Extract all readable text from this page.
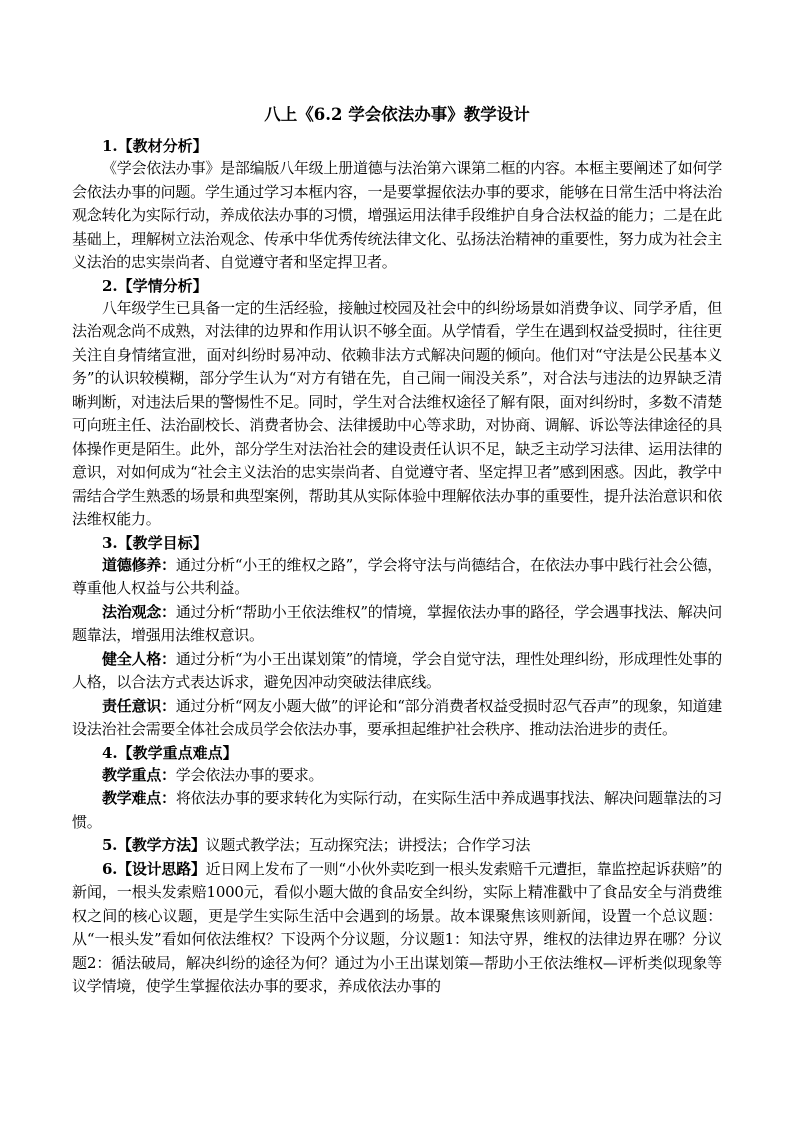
八上《6.2 学会依法办事》教学设计
1.【教材分析】
《学会依法办事》是部编版八年级上册道德与法治第六课第二框的内容。本框主要阐述了如何学会依法办事的问题。学生通过学习本框内容，一是要掌握依法办事的要求，能够在日常生活中将法治观念转化为实际行动，养成依法办事的习惯，增强运用法律手段维护自身合法权益的能力；二是在此基础上，理解树立法治观念、传承中华优秀传统法律文化、弘扬法治精神的重要性，努力成为社会主义法治的忠实崇尚者、自觉遵守者和坚定捍卫者。
2.【学情分析】
八年级学生已具备一定的生活经验，接触过校园及社会中的纠纷场景如消费争议、同学矛盾，但法治观念尚不成熟，对法律的边界和作用认识不够全面。从学情看，学生在遇到权益受损时，往往更关注自身情绪宣泄，面对纠纷时易冲动、依赖非法方式解决问题的倾向。他们对“守法是公民基本义务”的认识较模糊，部分学生认为“对方有错在先，自己闹一闹没关系”，对合法与违法的边界缺乏清晰判断，对违法后果的警惕性不足。同时，学生对合法维权途径了解有限，面对纠纷时，多数不清楚可向班主任、法治副校长、消费者协会、法律援助中心等求助，对协商、调解、诉讼等法律途径的具体操作更是陌生。此外，部分学生对法治社会的建设责任认识不足，缺乏主动学习法律、运用法律的意识，对如何成为“社会主义法治的忠实崇尚者、自觉遵守者、坚定捍卫者”感到困惑。因此，教学中需结合学生熟悉的场景和典型案例，帮助其从实际体验中理解依法办事的重要性，提升法治意识和依法维权能力。
3.【教学目标】
道德修养：通过分析“小王的维权之路”，学会将守法与尚德结合，在依法办事中践行社会公德，尊重他人权益与公共利益。
法治观念：通过分析“帮助小王依法维权”的情境，掌握依法办事的路径，学会遇事找法、解决问题靠法，增强用法维权意识。
健全人格：通过分析“为小王出谋划策”的情境，学会自觉守法，理性处理纠纷，形成理性处事的人格，以合法方式表达诉求，避免因冲动突破法律底线。
责任意识：通过分析“网友小题大做”的评论和“部分消费者权益受损时忍气吞声”的现象，知道建设法治社会需要全体社会成员学会依法办事，要承担起维护社会秩序、推动法治进步的责任。
4.【教学重点难点】
教学重点：学会依法办事的要求。
教学难点：将依法办事的要求转化为实际行动，在实际生活中养成遇事找法、解决问题靠法的习惯。
5.【教学方法】议题式教学法；互动探究法；讲授法；合作学习法
6.【设计思路】近日网上发布了一则“小伙外卖吃到一根头发索赔千元遭拒，靠监控起诉获赔”的新闻，一根头发索赔1000元，看似小题大做的食品安全纠纷，实际上精准戳中了食品安全与消费维权之间的核心议题，更是学生实际生活中会遇到的场景。故本课聚焦该则新闻，设置一个总议题：从“一根头发”看如何依法维权？下设两个分议题，分议题1：知法守界，维权的法律边界在哪？分议题2：循法破局，解决纠纷的途径为何？通过为小王出谋划策—帮助小王依法维权—评析类似现象等议学情境，使学生掌握依法办事的要求，养成依法办事的
